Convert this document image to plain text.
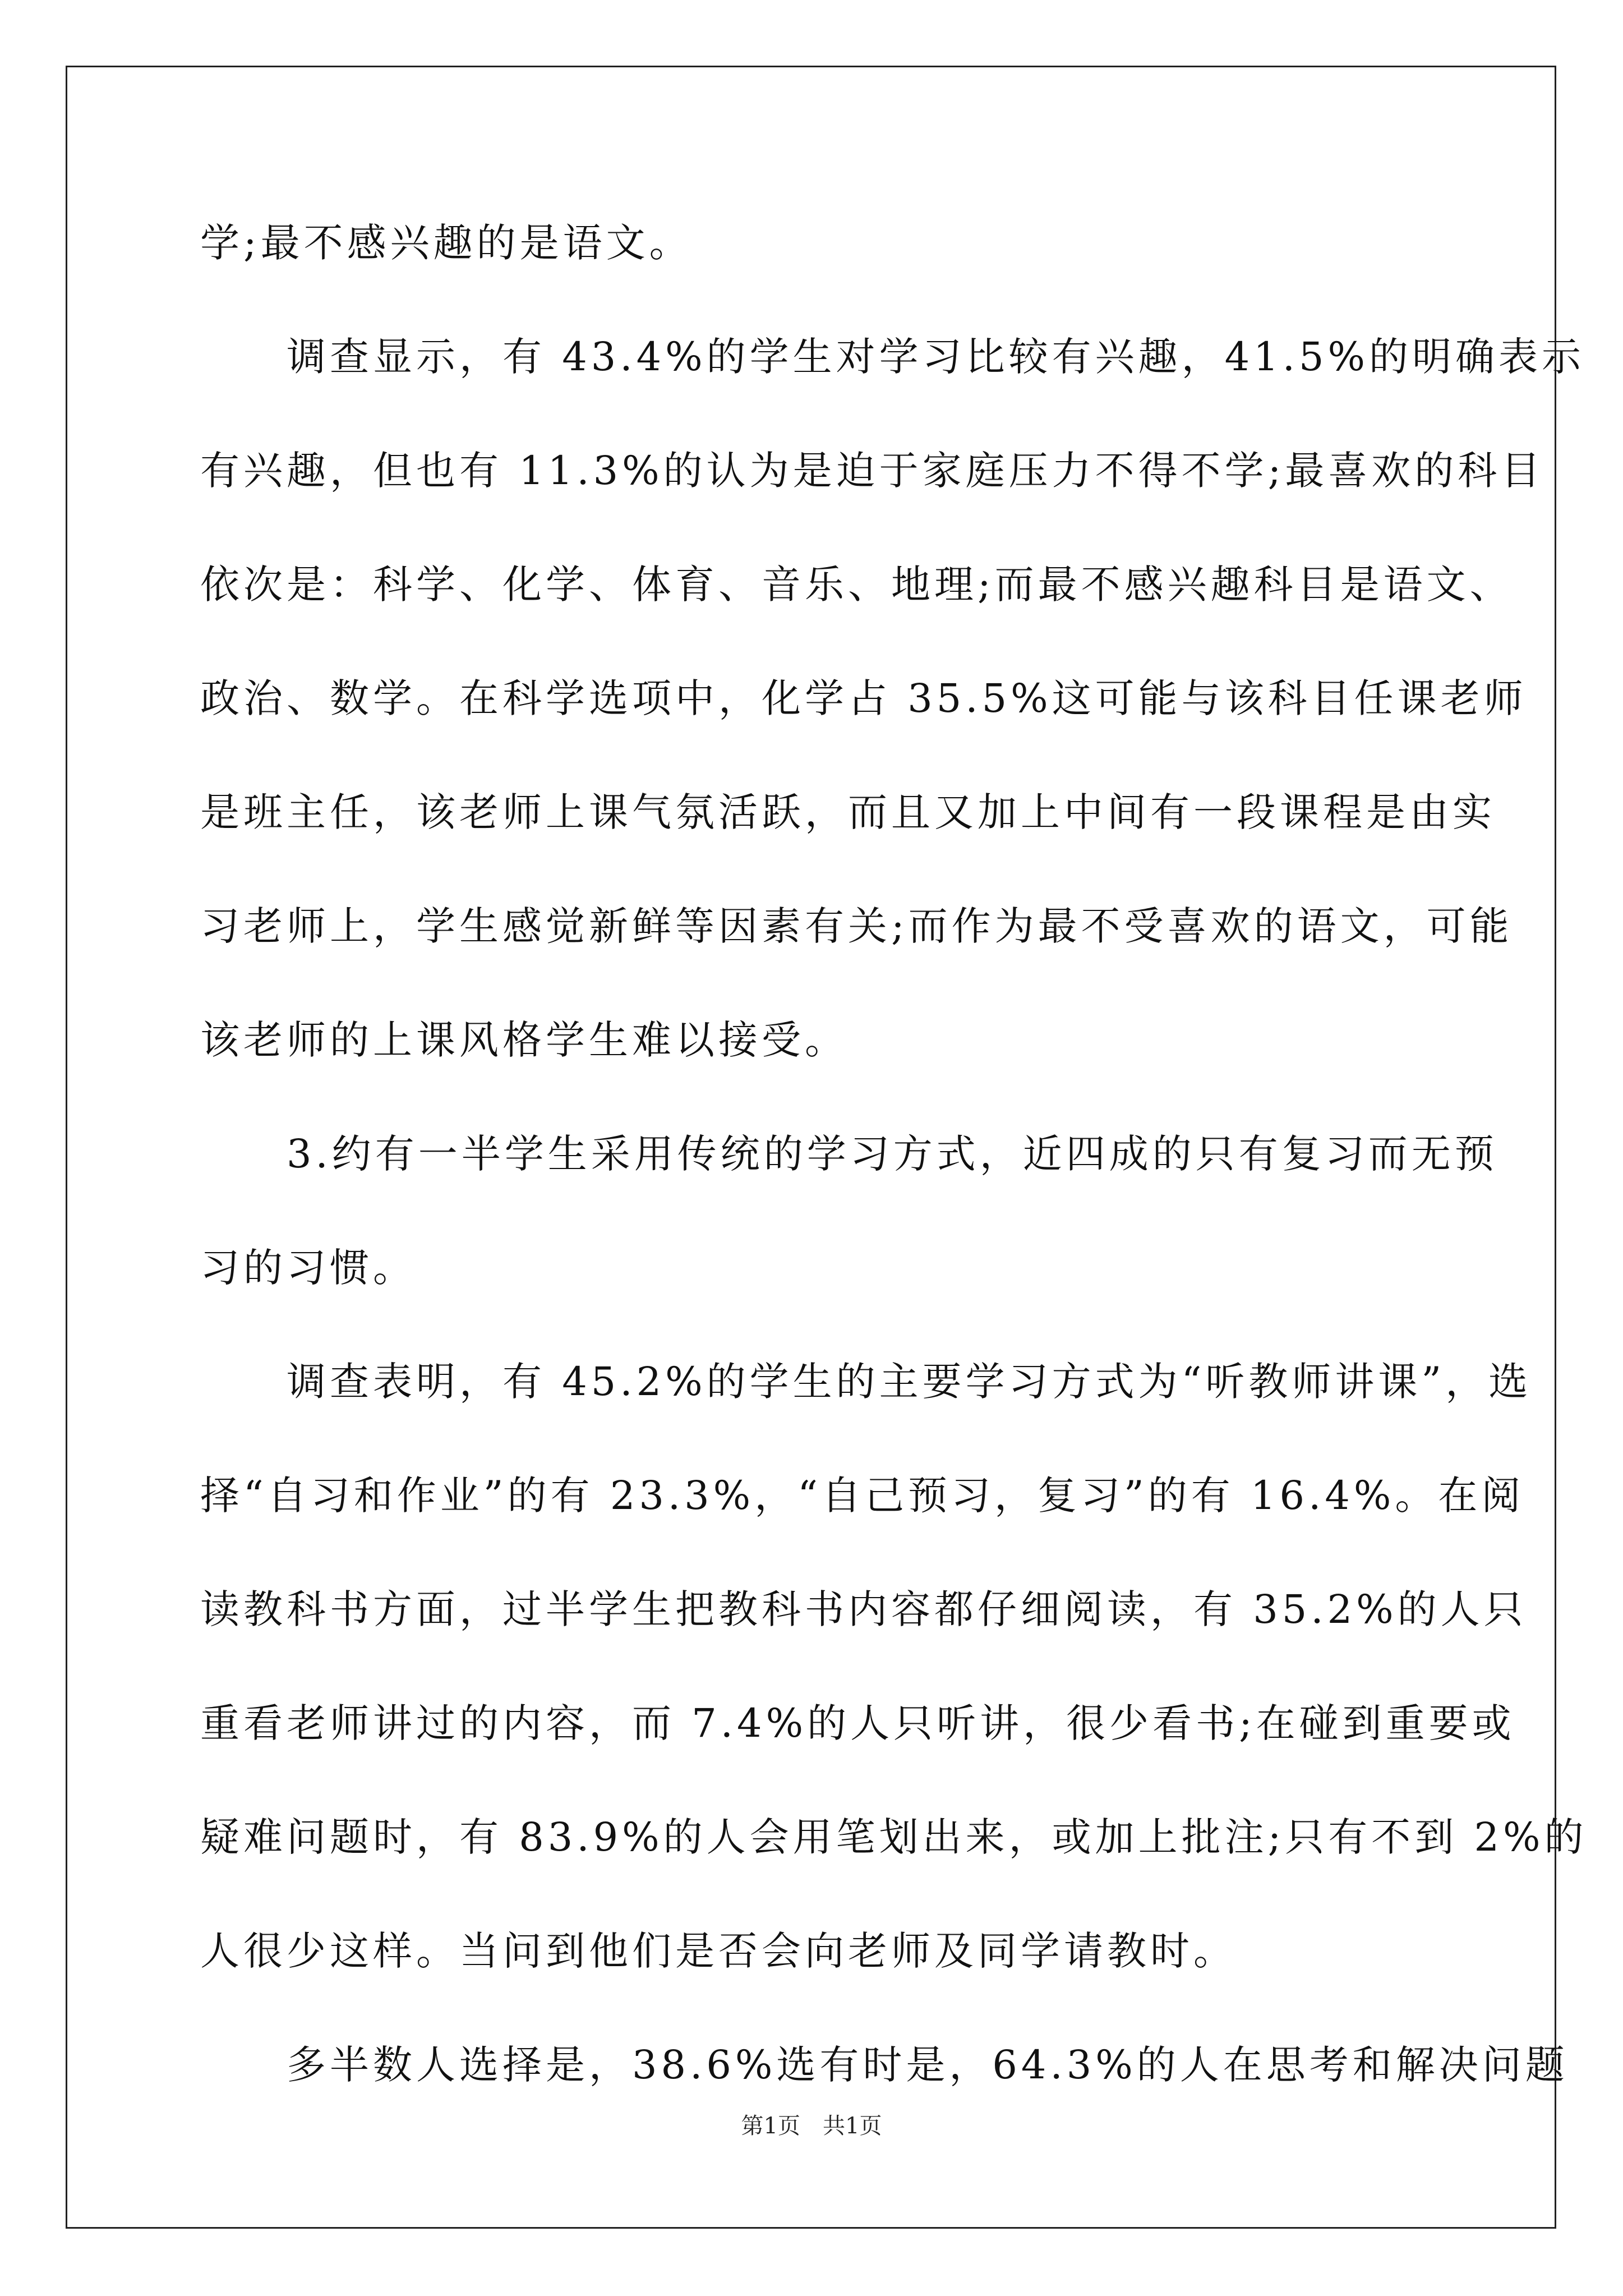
学;最不感兴趣的是语文。
　　调查显示，有 43.4%的学生对学习比较有兴趣，41.5%的明确表示
有兴趣，但也有 11.3%的认为是迫于家庭压力不得不学;最喜欢的科目
依次是：科学、化学、体育、音乐、地理;而最不感兴趣科目是语文、
政治、数学。在科学选项中，化学占 35.5%这可能与该科目任课老师
是班主任，该老师上课气氛活跃，而且又加上中间有一段课程是由实
习老师上，学生感觉新鲜等因素有关;而作为最不受喜欢的语文，可能
该老师的上课风格学生难以接受。
　　3.约有一半学生采用传统的学习方式，近四成的只有复习而无预
习的习惯。
　　调查表明，有 45.2%的学生的主要学习方式为“听教师讲课”，选
择“自习和作业”的有 23.3%，“自己预习，复习”的有 16.4%。在阅
读教科书方面，过半学生把教科书内容都仔细阅读，有 35.2%的人只
重看老师讲过的内容，而 7.4%的人只听讲，很少看书;在碰到重要或
疑难问题时，有 83.9%的人会用笔划出来，或加上批注;只有不到 2%的
人很少这样。当问到他们是否会向老师及同学请教时。
　　多半数人选择是，38.6%选有时是，64.3%的人在思考和解决问题
第1页　共1页
